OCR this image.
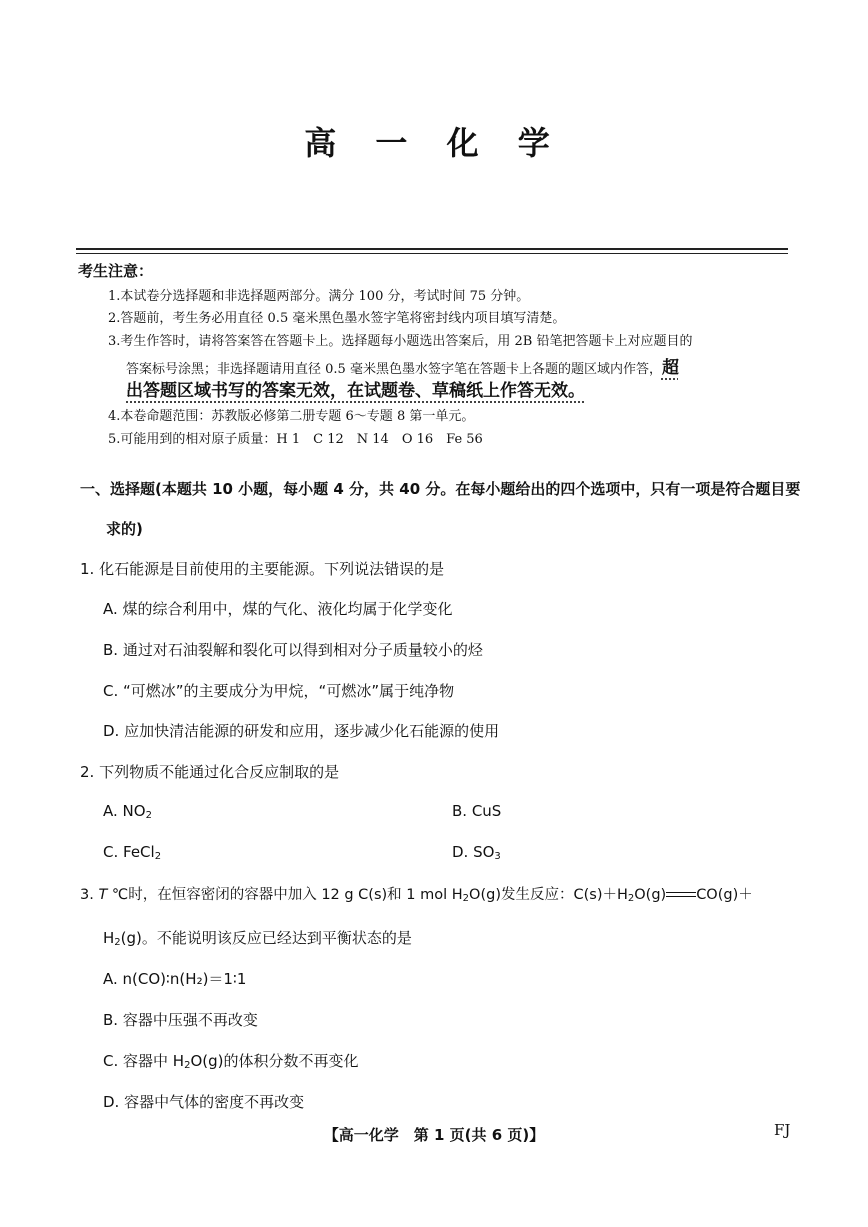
高 一 化 学
考生注意：
1.本试卷分选择题和非选择题两部分。满分 100 分，考试时间 75 分钟。
2.答题前，考生务必用直径 0.5 毫米黑色墨水签字笔将密封线内项目填写清楚。
3.考生作答时，请将答案答在答题卡上。选择题每小题选出答案后，用 2B 铅笔把答题卡上对应题目的
答案标号涂黑；非选择题请用直径 0.5 毫米黑色墨水签字笔在答题卡上各题的题区域内作答，超
出答题区域书写的答案无效，在试题卷、草稿纸上作答无效。
4.本卷命题范围：苏教版必修第二册专题 6～专题 8 第一单元。
5.可能用到的相对原子质量：H 1　C 12　N 14　O 16　Fe 56
一、选择题(本题共 10 小题，每小题 4 分，共 40 分。在每小题给出的四个选项中，只有一项是符合题目要
求的)
1. 化石能源是目前使用的主要能源。下列说法错误的是
A. 煤的综合利用中，煤的气化、液化均属于化学变化
B. 通过对石油裂解和裂化可以得到相对分子质量较小的烃
C. “可燃冰”的主要成分为甲烷，“可燃冰”属于纯净物
D. 应加快清洁能源的研发和应用，逐步减少化石能源的使用
2. 下列物质不能通过化合反应制取的是
A. $NO_2$	B. CuS
C. FeCl$_2$	D. $SO_3$
3. T ℃时，在恒容密闭的容器中加入 12 g C(s)和 1 mol $H_2O(g)$发生反应：$C(s)+H_2O(g)$ CO(g)＋
$H_2(g)$。不能说明该反应已经达到平衡状态的是
A. n(CO)∶n(H₂)＝1∶1
B. 容器中压强不再改变
C. 容器中 $H_2O(g)$的体积分数不再变化
D. 容器中气体的密度不再改变
【高一化学　第 1 页(共 6 页)】	FJ
